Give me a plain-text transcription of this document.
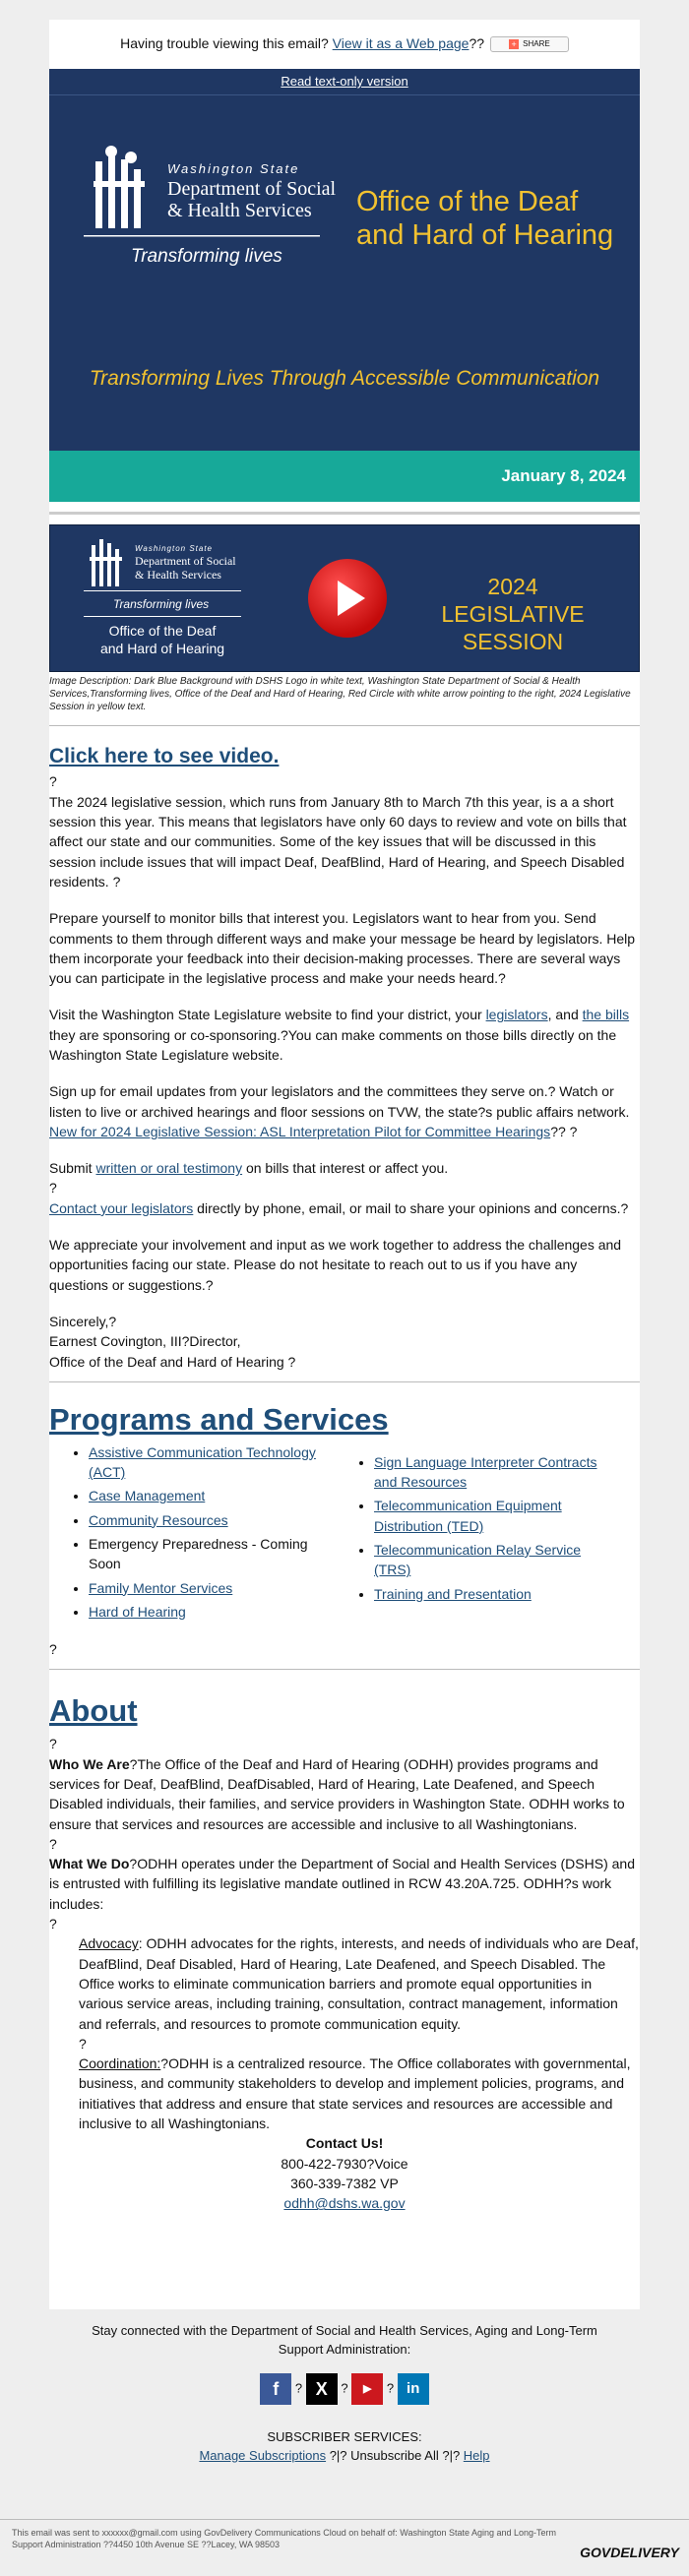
Having trouble viewing this email? View it as a Web page??	+ SHARE
Read text-only version
Washington State
Department of Social
& Health Services
Transforming lives
Office of the Deaf
and Hard of Hearing
Transforming Lives Through Accessible Communication
January 8, 2024
Washington State
Department of Social
& Health Services
Transforming lives
Office of the Deaf
and Hard of Hearing
2024 LEGISLATIVE
SESSION
Image Description: Dark Blue Background with DSHS Logo in white text, Washington State Department of Social & Health Services,Transforming lives, Office of the Deaf and Hard of Hearing, Red Circle with white arrow pointing to the right, 2024 Legislative Session in yellow text.
Click here to see video.
?

The 2024 legislative session, which runs from January 8th to March 7th this year, is a a short session this year. This means that legislators have only 60 days to review and vote on bills that affect our state and our communities. Some of the key issues that will be discussed in this session include issues that will impact Deaf, DeafBlind, Hard of Hearing, and Speech Disabled residents. ?

Prepare yourself to monitor bills that interest you. Legislators want to hear from you. Send comments to them through different ways and make your message be heard by legislators. Help them incorporate your feedback into their decision-making processes. There are several ways you can participate in the legislative process and make your needs heard.?

Visit the Washington State Legislature website to find your district, your legislators, and the bills they are sponsoring or co-sponsoring.?You can make comments on those bills directly on the Washington State Legislature website.

Sign up for email updates from your legislators and the committees they serve on.? Watch or listen to live or archived hearings and floor sessions on TVW, the state?s public affairs network. New for 2024 Legislative Session: ASL Interpretation Pilot for Committee Hearings?? ?

Submit written or oral testimony on bills that interest or affect you.

?

Contact your legislators directly by phone, email, or mail to share your opinions and concerns.?

We appreciate your involvement and input as we work together to address the challenges and opportunities facing our state. Please do not hesitate to reach out to us if you have any questions or suggestions.?

Sincerely,?
Earnest Covington, III?Director,
Office of the Deaf and Hard of Hearing ?

Programs and Services
• Assistive Communication Technology (ACT)
• Case Management
• Community Resources
• Emergency Preparedness - Coming Soon
• Family Mentor Services
• Hard of Hearing
• Sign Language Interpreter Contracts and Resources
• Telecommunication Equipment Distribution (TED)
• Telecommunication Relay Service (TRS)
• Training and Presentation
?
About
?

Who We Are?The Office of the Deaf and Hard of Hearing (ODHH) provides programs and services for Deaf, DeafBlind, DeafDisabled, Hard of Hearing, Late Deafened, and Speech Disabled individuals, their families, and service providers in Washington State. ODHH works to ensure that services and resources are accessible and inclusive to all Washingtonians.

?

What We Do?ODHH operates under the Department of Social and Health Services (DSHS) and is entrusted with fulfilling its legislative mandate outlined in RCW 43.20A.725. ODHH?s work includes:

?

Advocacy: ODHH advocates for the rights, interests, and needs of individuals who are Deaf, DeafBlind, Deaf Disabled, Hard of Hearing, Late Deafened, and Speech Disabled. The Office works to eliminate communication barriers and promote equal opportunities in various service areas, including training, consultation, contract management, information and referrals, and resources to promote communication equity.

?

Coordination:?ODHH is a centralized resource. The Office collaborates with governmental, business, and community stakeholders to develop and implement policies, programs, and initiatives that address and ensure that state services and resources are accessible and inclusive to all Washingtonians.

Contact Us!
800-422-7930?Voice
360-339-7382 VP
odhh@dshs.wa.gov
Stay connected with the Department of Social and Health Services, Aging and Long-Term Support Administration:
f ? X ? ▶ ? in
SUBSCRIBER SERVICES:
Manage Subscriptions ?|? Unsubscribe All ?|? Help
This email was sent to xxxxxx@gmail.com using GovDelivery Communications Cloud on behalf of: Washington State Aging and Long-Term Support Administration ??4450 10th Avenue SE ??Lacey, WA 98503	GOVDELIVERY
